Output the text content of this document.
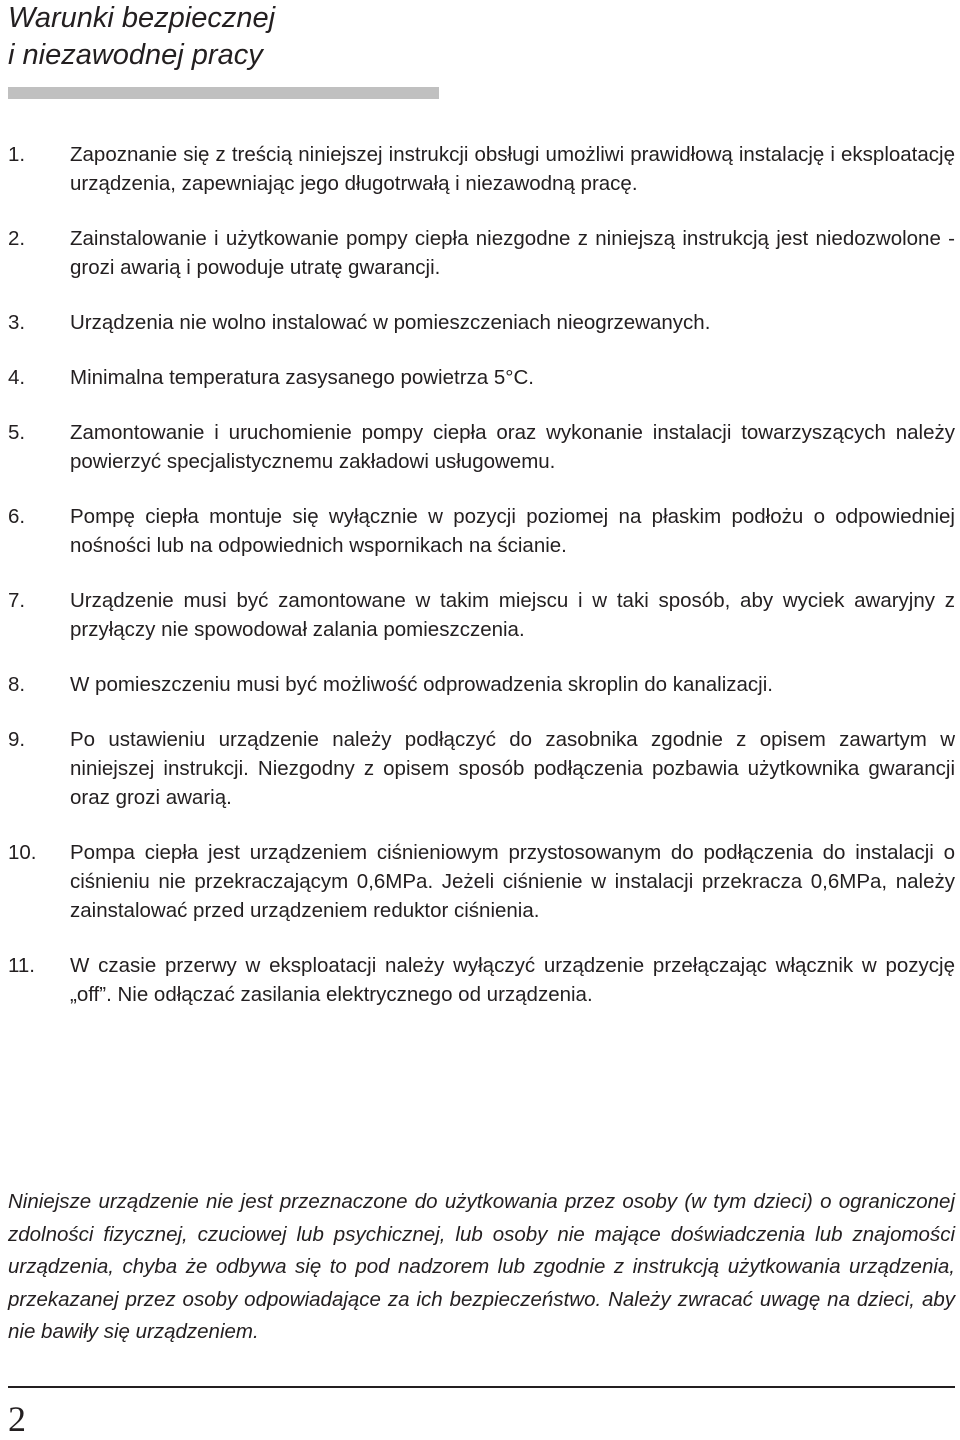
Warunki bezpiecznej
i niezawodnej pracy
1. Zapoznanie się z treścią niniejszej instrukcji obsługi umożliwi prawidłową instalację i eksploatację urządzenia, zapewniając jego długotrwałą i niezawodną pracę.
2. Zainstalowanie i użytkowanie pompy ciepła niezgodne z niniejszą instrukcją jest niedozwolone - grozi awarią i powoduje utratę gwarancji.
3. Urządzenia nie wolno instalować w pomieszczeniach nieogrzewanych.
4. Minimalna temperatura zasysanego powietrza 5°C.
5. Zamontowanie i uruchomienie pompy ciepła oraz wykonanie instalacji towarzyszących należy powierzyć specjalistycznemu zakładowi usługowemu.
6. Pompę ciepła montuje się wyłącznie w pozycji poziomej na płaskim podłożu o odpowiedniej nośności lub na odpowiednich wspornikach na ścianie.
7. Urządzenie musi być zamontowane w takim miejscu i w taki sposób, aby wyciek awaryjny z przyłączy nie spowodował zalania pomieszczenia.
8. W pomieszczeniu musi być możliwość odprowadzenia skroplin do kanalizacji.
9. Po ustawieniu urządzenie należy podłączyć do zasobnika zgodnie z opisem zawartym w niniejszej instrukcji. Niezgodny z opisem sposób podłączenia pozbawia użytkownika gwarancji oraz grozi awarią.
10. Pompa ciepła jest urządzeniem ciśnieniowym przystosowanym do podłączenia do instalacji o ciśnieniu nie przekraczającym 0,6MPa. Jeżeli ciśnienie w instalacji przekracza 0,6MPa, należy zainstalować przed urządzeniem reduktor ciśnienia.
11. W czasie przerwy w eksploatacji należy wyłączyć urządzenie przełączając włącznik w pozycję „off”. Nie odłączać zasilania elektrycznego od urządzenia.

Niniejsze urządzenie nie jest przeznaczone do użytkowania przez osoby (w tym dzieci) o ograniczonej zdolności fizycznej, czuciowej lub psychicznej, lub osoby nie mające doświadczenia lub znajomości urządzenia, chyba że odbywa się to pod nadzorem lub zgodnie z instrukcją użytkowania urządzenia, przekazanej przez osoby odpowiadające za ich bezpieczeństwo. Należy zwracać uwagę na dzieci, aby nie bawiły się urządzeniem.

2
